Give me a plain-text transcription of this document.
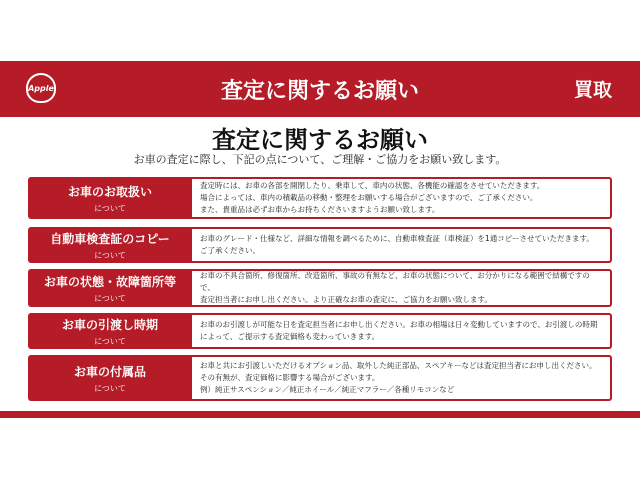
Apple	査定に関するお願い	買取
査定に関するお願い
お車の査定に際し、下記の点について、ご理解・ご協力をお願い致します。
お車のお取扱い
について
査定時には、お車の各部を開閉したり、乗車して、車内の状態、各機能の確認をさせていただきます。
場合によっては、車内の積載品の移動・整理をお願いする場合がございますので、ご了承ください。
また、貴重品は必ずお車からお持ちくださいますようお願い致します。
自動車検査証のコピー
について
お車のグレード・仕様など、詳細な情報を調べるために、自動車検査証（車検証）を1通コピーさせていただきます。
ご了承ください。
お車の状態・故障箇所等
について
お車の不具合箇所、修復箇所、改造箇所、事故の有無など、お車の状態について、お分かりになる範囲で結構ですので、
査定担当者にお申し出ください。より正確なお車の査定に、ご協力をお願い致します。
お車の引渡し時期
について
お車のお引渡しが可能な日を査定担当者にお申し出ください。お車の相場は日々変動していますので、お引渡しの時期
によって、ご提示する査定価格も変わっていきます。
お車の付属品
について
お車と共にお引渡しいただけるオプション品、取外した純正部品、スペアキーなどは査定担当者にお申し出ください。
その有無が、査定価格に影響する場合がございます。
例）純正サスペンション／純正ホイール／純正マフラー／各種リモコンなど
